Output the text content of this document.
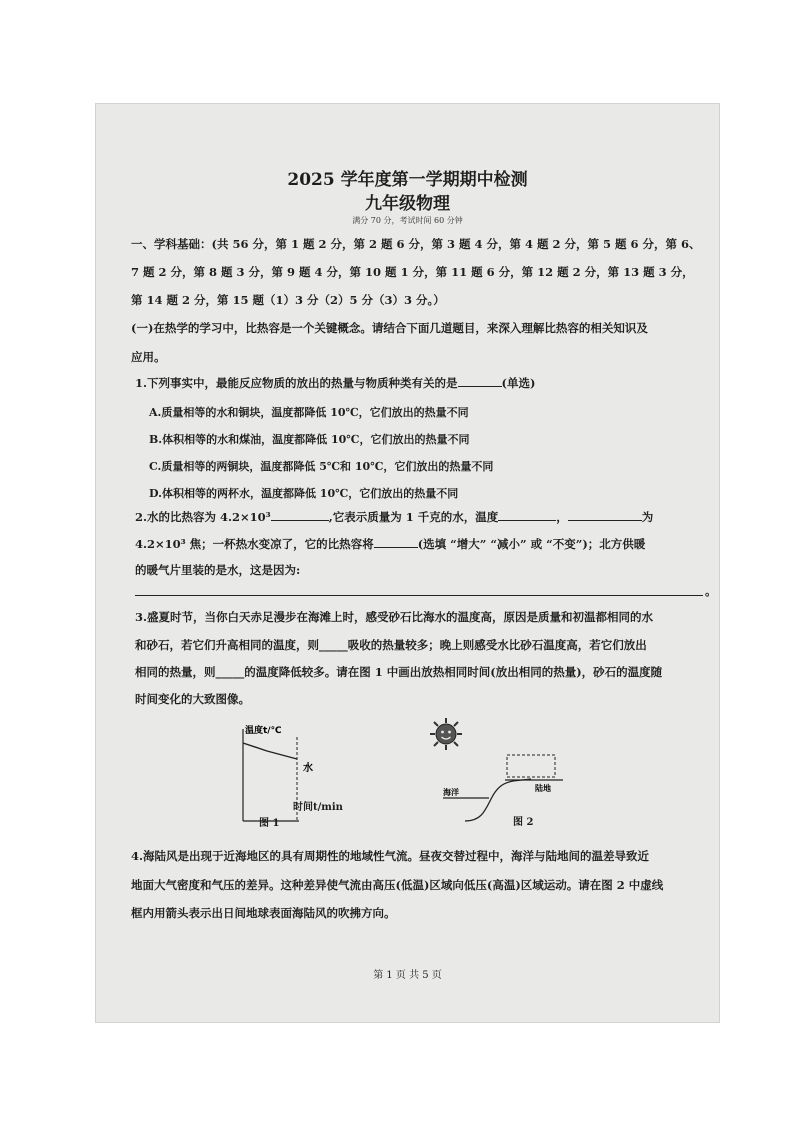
2025 学年度第一学期期中检测
九年级物理
满分 70 分，考试时间 60 分钟
一、学科基础：(共 56 分，第 1 题 2 分，第 2 题 6 分，第 3 题 4 分，第 4 题 2 分，第 5 题 6 分，第 6、
7 题 2 分，第 8 题 3 分，第 9 题 4 分，第 10 题 1 分，第 11 题 6 分，第 12 题 2 分，第 13 题 3 分，
第 14 题 2 分，第 15 题（1）3 分（2）5 分（3）3 分。）
(一)在热学的学习中，比热容是一个关键概念。请结合下面几道题目，来深入理解比热容的相关知识及
应用。
1.下列事实中，最能反应物质的放出的热量与物质种类有关的是	(单选)
A.质量相等的水和铜块，温度都降低 10℃，它们放出的热量不同
B.体积相等的水和煤油，温度都降低 10℃，它们放出的热量不同
C.质量相等的两铜块，温度都降低 5℃和 10℃，它们放出的热量不同
D.体积相等的两杯水，温度都降低 10℃，它们放出的热量不同
2.水的比热容为 4.2×10³	,它表示质量为 1 千克的水，温度	，	为
4.2×10³ 焦；一杯热水变凉了，它的比热容将	(选填 “增大” “减小” 或 “不变”)；北方供暖
的暖气片里装的是水，这是因为:
。
3.盛夏时节，当你白天赤足漫步在海滩上时，感受砂石比海水的温度高，原因是质量和初温都相同的水
和砂石，若它们升高相同的温度，则_____吸收的热量较多；晚上则感受水比砂石温度高，若它们放出
相同的热量，则_____的温度降低较多。请在图 1 中画出放热相同时间(放出相同的热量)，砂石的温度随
时间变化的大致图像。
温度t/℃
水
时间t/min
图 1
海洋	陆地
图 2
4.海陆风是出现于近海地区的具有周期性的地域性气流。昼夜交替过程中，海洋与陆地间的温差导致近
地面大气密度和气压的差异。这种差异使气流由高压(低温)区域向低压(高温)区域运动。请在图 2 中虚线
框内用箭头表示出日间地球表面海陆风的吹拂方向。
第 1 页 共 5 页
